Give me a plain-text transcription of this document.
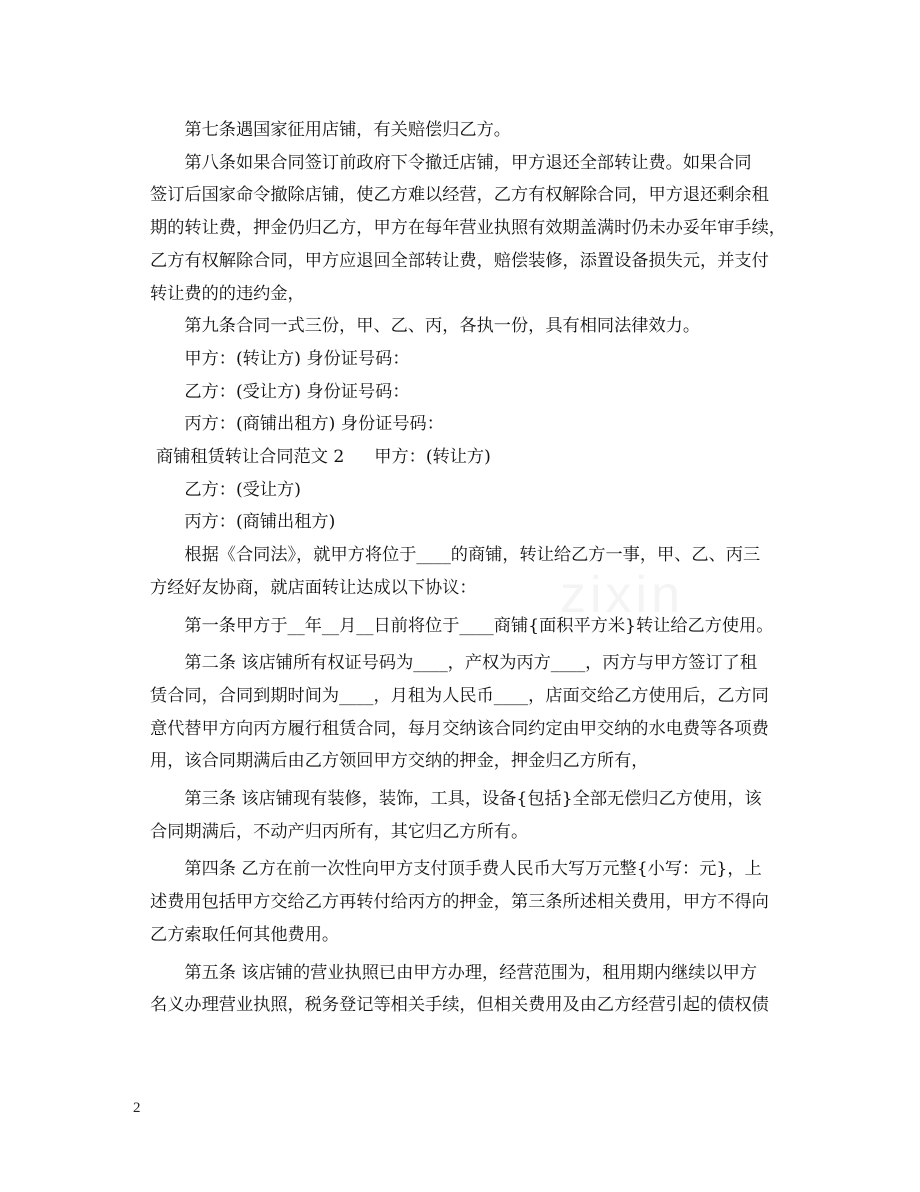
zixin

第七条遇国家征用店铺，有关赔偿归乙方。

第八条如果合同签订前政府下令撤迁店铺，甲方退还全部转让费。如果合同
签订后国家命令撤除店铺，使乙方难以经营，乙方有权解除合同，甲方退还剩余租
期的转让费，押金仍归乙方，甲方在每年营业执照有效期盖满时仍未办妥年审手续，
乙方有权解除合同，甲方应退回全部转让费，赔偿装修，添置设备损失元，并支付
转让费的的违约金，

第九条合同一式三份，甲、乙、丙，各执一份，具有相同法律效力。

甲方：(转让方) 身份证号码：

乙方：(受让方) 身份证号码：

丙方：(商铺出租方) 身份证号码：

商铺租赁转让合同范文 2 甲方：(转让方)

乙方：(受让方)

丙方：(商铺出租方)

根据《合同法》，就甲方将位于____的商铺，转让给乙方一事，甲、乙、丙三
方经好友协商，就店面转让达成以下协议：

第一条甲方于__年__月__日前将位于____商铺{面积平方米}转让给乙方使用。

第二条 该店铺所有权证号码为____，产权为丙方____，丙方与甲方签订了租
赁合同，合同到期时间为____，月租为人民币____，店面交给乙方使用后，乙方同
意代替甲方向丙方履行租赁合同，每月交纳该合同约定由甲交纳的水电费等各项费
用，该合同期满后由乙方领回甲方交纳的押金，押金归乙方所有，

第三条 该店铺现有装修，装饰，工具，设备{包括}全部无偿归乙方使用，该
合同期满后，不动产归丙所有，其它归乙方所有。

第四条 乙方在前一次性向甲方支付顶手费人民币大写万元整{小写：元}，上
述费用包括甲方交给乙方再转付给丙方的押金，第三条所述相关费用，甲方不得向
乙方索取任何其他费用。

第五条 该店铺的营业执照已由甲方办理，经营范围为，租用期内继续以甲方
名义办理营业执照，税务登记等相关手续，但相关费用及由乙方经营引起的债权债

2
